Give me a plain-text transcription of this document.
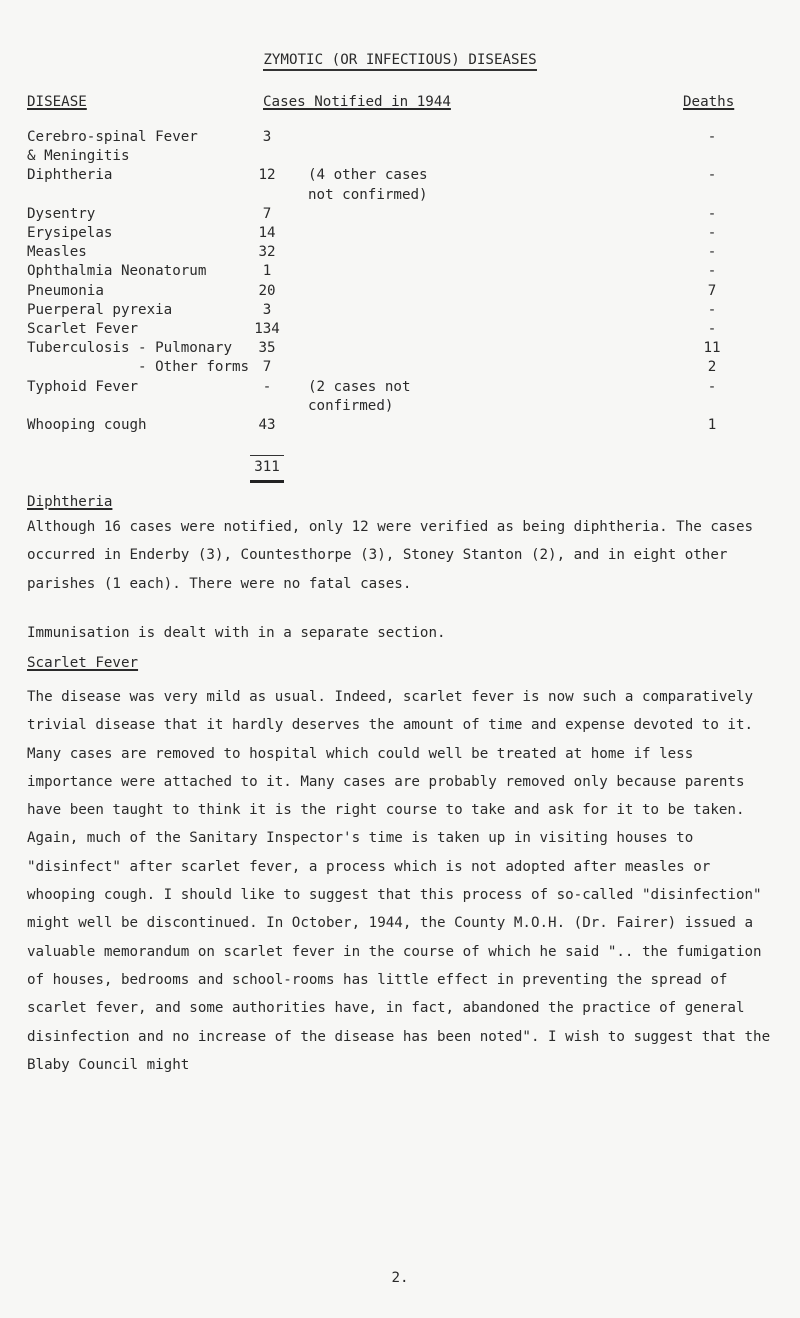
ZYMOTIC (OR INFECTIOUS) DISEASES
DISEASE	Cases Notified in 1944	Deaths
Cerebro-spinal Fever	3	-
& Meningitis
Diphtheria	12	(4 other cases	-
not confirmed)
Dysentry	7	-
Erysipelas	14	-
Measles	32	-
Ophthalmia Neonatorum	1	-
Pneumonia	20	7
Puerperal pyrexia	3	-
Scarlet Fever	134	-
Tuberculosis - Pulmonary	35	11
- Other forms 7	2
Typhoid Fever	-	(2 cases not	-
confirmed)
Whooping cough	43	1
311
Diphtheria
Although 16 cases were notified, only 12 were verified as being diphtheria. The cases occurred in Enderby (3), Countesthorpe (3), Stoney Stanton (2), and in eight other parishes (1 each). There were no fatal cases.
Immunisation is dealt with in a separate section.
Scarlet Fever
The disease was very mild as usual. Indeed, scarlet fever is now such a comparatively trivial disease that it hardly deserves the amount of time and expense devoted to it. Many cases are removed to hospital which could well be treated at home if less importance were attached to it. Many cases are probably removed only because parents have been taught to think it is the right course to take and ask for it to be taken. Again, much of the Sanitary Inspector's time is taken up in visiting houses to "disinfect" after scarlet fever, a process which is not adopted after measles or whooping cough. I should like to suggest that this process of so-called "disinfection" might well be discontinued. In October, 1944, the County M.O.H. (Dr. Fairer) issued a valuable memorandum on scarlet fever in the course of which he said ".. the fumigation of houses, bedrooms and school-rooms has little effect in preventing the spread of scarlet fever, and some authorities have, in fact, abandoned the practice of general disinfection and no increase of the disease has been noted". I wish to suggest that the Blaby Council might
2.
